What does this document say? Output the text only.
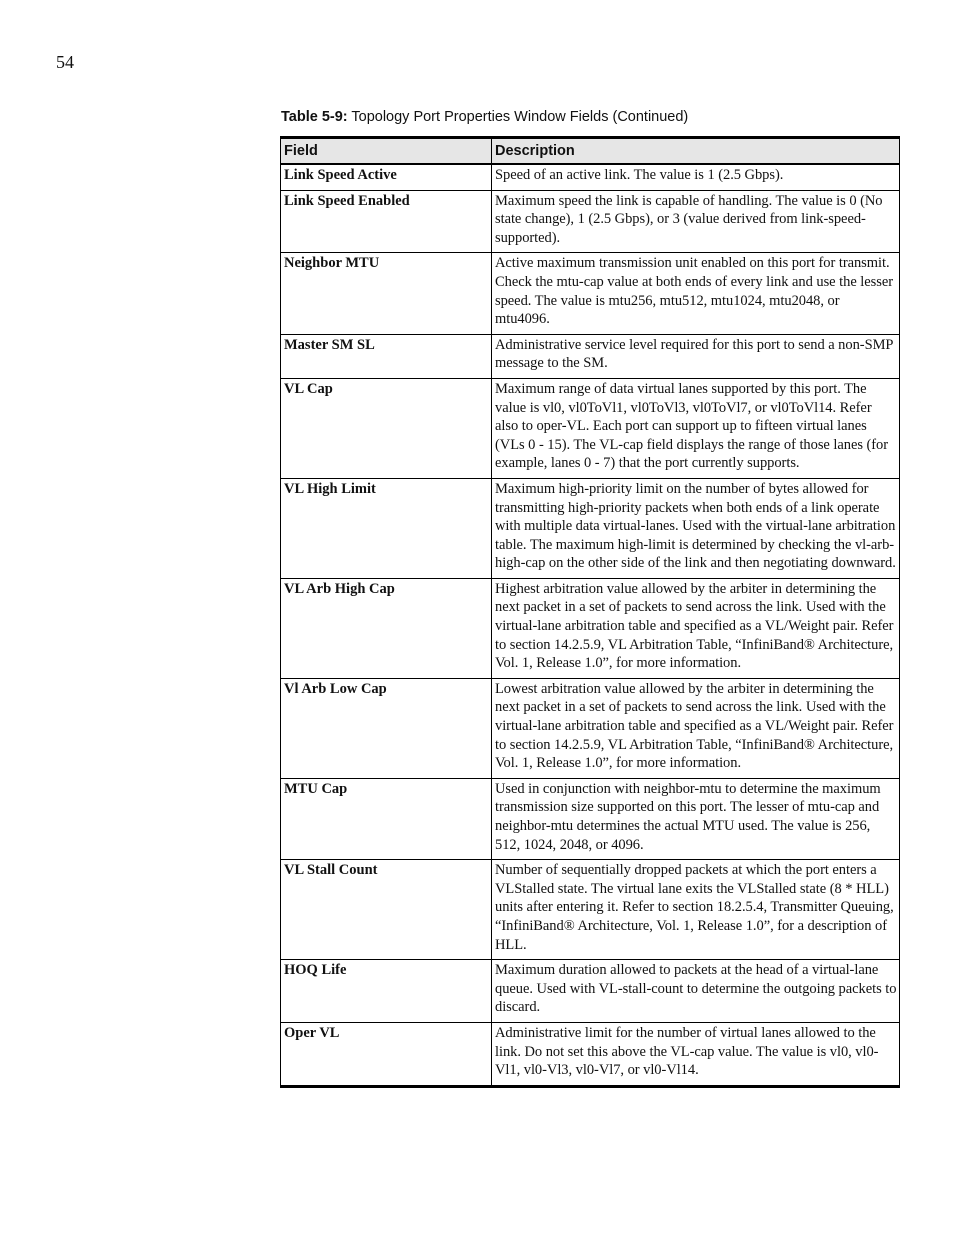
54
Table 5-9: Topology Port Properties Window Fields (Continued)
Field	Description
Link Speed Active	Speed of an active link. The value is 1 (2.5 Gbps).
Link Speed Enabled	Maximum speed the link is capable of handling. The value is 0 (No state change), 1 (2.5 Gbps), or 3 (value derived from link-speed-supported).
Neighbor MTU	Active maximum transmission unit enabled on this port for transmit. Check the mtu-cap value at both ends of every link and use the lesser speed. The value is mtu256, mtu512, mtu1024, mtu2048, or mtu4096.
Master SM SL	Administrative service level required for this port to send a non-SMP message to the SM.
VL Cap	Maximum range of data virtual lanes supported by this port. The value is vl0, vl0ToVl1, vl0ToVl3, vl0ToVl7, or vl0ToVl14. Refer also to oper-VL. Each port can support up to fifteen virtual lanes (VLs 0 - 15). The VL-cap field displays the range of those lanes (for example, lanes 0 - 7) that the port currently supports.
VL High Limit	Maximum high-priority limit on the number of bytes allowed for transmitting high-priority packets when both ends of a link operate with multiple data virtual-lanes. Used with the virtual-lane arbitration table. The maximum high-limit is determined by checking the vl-arb-high-cap on the other side of the link and then negotiating downward.
VL Arb High Cap	Highest arbitration value allowed by the arbiter in determining the next packet in a set of packets to send across the link. Used with the virtual-lane arbitration table and specified as a VL/Weight pair. Refer to section 14.2.5.9, VL Arbitration Table, “InfiniBand® Architecture, Vol. 1, Release 1.0”, for more information.
Vl Arb Low Cap	Lowest arbitration value allowed by the arbiter in determining the next packet in a set of packets to send across the link. Used with the virtual-lane arbitration table and specified as a VL/Weight pair. Refer to section 14.2.5.9, VL Arbitration Table, “InfiniBand® Architecture, Vol. 1, Release 1.0”, for more information.
MTU Cap	Used in conjunction with neighbor-mtu to determine the maximum transmission size supported on this port. The lesser of mtu-cap and neighbor-mtu determines the actual MTU used. The value is 256, 512, 1024, 2048, or 4096.
VL Stall Count	Number of sequentially dropped packets at which the port enters a VLStalled state. The virtual lane exits the VLStalled state (8 * HLL) units after entering it. Refer to section 18.2.5.4, Transmitter Queuing, “InfiniBand® Architecture, Vol. 1, Release 1.0”, for a description of HLL.
HOQ Life	Maximum duration allowed to packets at the head of a virtual-lane queue. Used with VL-stall-count to determine the outgoing packets to discard.
Oper VL	Administrative limit for the number of virtual lanes allowed to the link. Do not set this above the VL-cap value. The value is vl0, vl0-Vl1, vl0-Vl3, vl0-Vl7, or vl0-Vl14.
